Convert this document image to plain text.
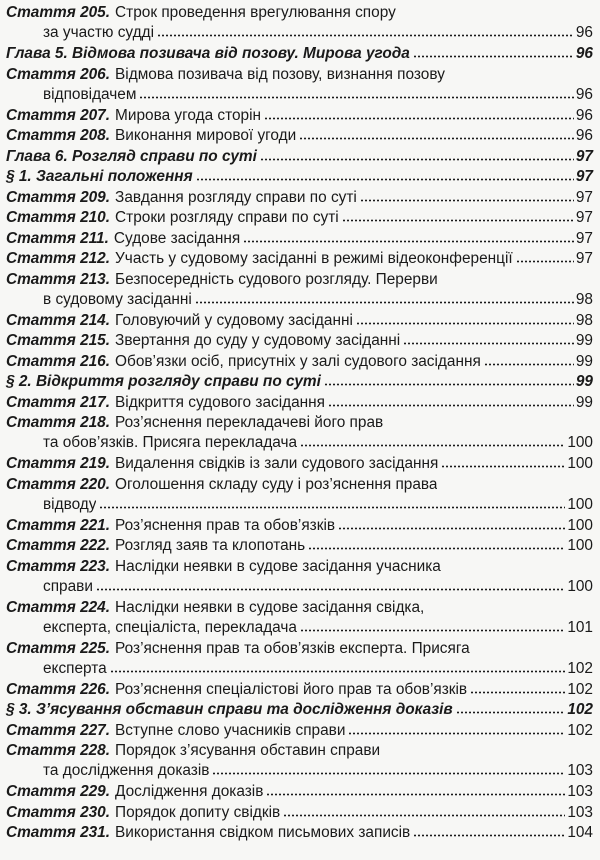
Стаття 205. Строк проведення врегулювання спору
за участю судді	96
Глава 5. Відмова позивача від позову. Мирова угода	96
Стаття 206. Відмова позивача від позову, визнання позову
відповідачем	96
Стаття 207. Мирова угода сторін	96
Стаття 208. Виконання мирової угоди	96
Глава 6. Розгляд справи по суті	97
§ 1. Загальні положення	97
Стаття 209. Завдання розгляду справи по суті	97
Стаття 210. Строки розгляду справи по суті	97
Стаття 211. Судове засідання	97
Стаття 212. Участь у судовому засіданні в режимі відеоконференції	97
Стаття 213. Безпосередність судового розгляду. Перерви
в судовому засіданні	98
Стаття 214. Головуючий у судовому засіданні	98
Стаття 215. Звертання до суду у судовому засіданні	99
Стаття 216. Обов’язки осіб, присутніх у залі судового засідання	99
§ 2. Відкриття розгляду справи по суті	99
Стаття 217. Відкриття судового засідання	99
Стаття 218. Роз’яснення перекладачеві його прав
та обов’язків. Присяга перекладача	100
Стаття 219. Видалення свідків із зали судового засідання	100
Стаття 220. Оголошення складу суду і роз’яснення права
відводу	100
Стаття 221. Роз’яснення прав та обов’язків	100
Стаття 222. Розгляд заяв та клопотань	100
Стаття 223. Наслідки неявки в судове засідання учасника
справи	100
Стаття 224. Наслідки неявки в судове засідання свідка,
експерта, спеціаліста, перекладача	101
Стаття 225. Роз’яснення прав та обов’язків експерта. Присяга
експерта	102
Стаття 226. Роз’яснення спеціалістові його прав та обов’язків	102
§ 3. З’ясування обставин справи та дослідження доказів	102
Стаття 227. Вступне слово учасників справи	102
Стаття 228. Порядок з’ясування обставин справи
та дослідження доказів	103
Стаття 229. Дослідження доказів	103
Стаття 230. Порядок допиту свідків	103
Стаття 231. Використання свідком письмових записів	104
